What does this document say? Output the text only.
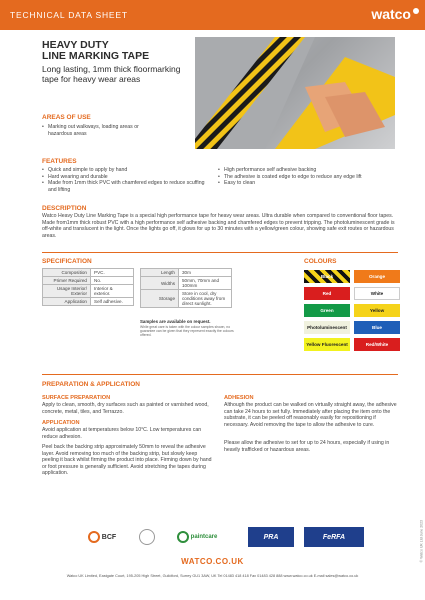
TECHNICAL DATA SHEET	watco
HEAVY DUTY
LINE MARKING TAPE
Long lasting, 1mm thick floormarking tape for heavy wear areas
AREAS OF USE
• Marking out walkways, loading areas or hazardous areas
FEATURES
• Quick and simple to apply by hand
• Hard wearing and durable
• Made from 1mm thick PVC with chamfered edges to reduce scuffing and lifting
• High performance self adhesive backing
• The adhesive is coated edge to edge to reduce any edge lift
• Easy to clean
DESCRIPTION
Watco Heavy Duty Line Marking Tape is a special high performance tape for heavy wear areas. Ultra durable when compared to conventional floor tapes. Made from1mm thick robust PVC with a high performance self adhesive backing and chamfered edges to prevent tripping. The photoluminescent grade is off-white and translucent in the light. Once the lights go off, it glows for up to 30 minutes with a yellow/green colour, showing safe exit routes or hazardous areas.
SPECIFICATION
Composition	PVC.
Primer Required	No.
Usage Interior/ Exterior	Interior & exterior.
Application	Self adhesive.
Length	30m
Widths	50mm, 70mm and 100mm
Storage	Store in cool, dry conditions away from direct sunlight.
Samples are available on request.
While great care is taken with the colour samples shown, no guarantee can be given that they represent exactly the colours offered.
COLOURS
Black	Orange
Red	White
Green	Yellow
Photoluminescent	Blue
Yellow Fluorescent	Red/White
PREPARATION & APPLICATION
SURFACE PREPARATION
Apply to clean, smooth, dry surfaces such as painted or varnished wood, concrete, metal, tiles, and Terrazzo.
APPLICATION
Avoid application at temperatures below 10°C. Low temperatures can reduce adhesion.
Peel back the backing strip approximately 50mm to reveal the adhesive layer. Avoid removing too much of the backing strip, but slowly keep peeling it back whilst firming the product into place. Firming down by hand or foot pressure is generally sufficient. Avoid stretching the tapes during application.
ADHESION
Although the product can be walked on virtually straight away, the adhesive can take 24 hours to set fully. Immediately after placing the item onto the substrate, it can be peeled off reasonably easily for repositioning if necessary. Avoid removing the tape to allow the adhesive to cure.
Please allow the adhesive to set for up to 24 hours, especially if using in heavily trafficked or hazardous areas.
BCF	paintcare	PRA	FeRFA
WATCO.CO.UK
Watco UK Limited, Eastgate Court, 195-205 High Street, Guildford, Surrey GU1 3AW, UK Tel 01483 418 418 Fax 01483 428 888 www.watco.co.uk E-mail sales@watco.co.uk
© Watco UK Ltd June 2023
